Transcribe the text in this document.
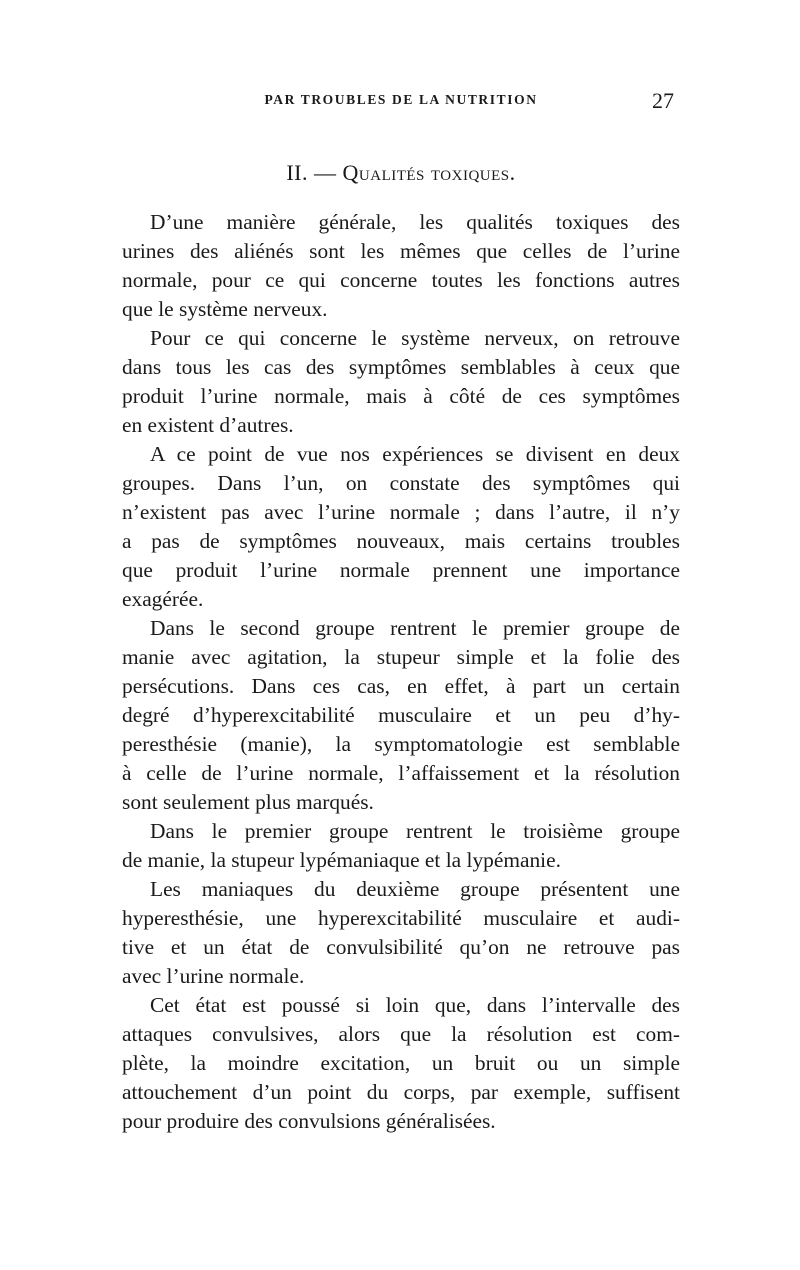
PAR TROUBLES DE LA NUTRITION	27
II. — Qualités toxiques.
D’une manière générale, les qualités toxiques des
urines des aliénés sont les mêmes que celles de l’urine
normale, pour ce qui concerne toutes les fonctions autres
que le système nerveux.
Pour ce qui concerne le système nerveux, on retrouve
dans tous les cas des symptômes semblables à ceux que
produit l’urine normale, mais à côté de ces symptômes
en existent d’autres.
A ce point de vue nos expériences se divisent en deux
groupes. Dans l’un, on constate des symptômes qui
n’existent pas avec l’urine normale ; dans l’autre, il n’y
a pas de symptômes nouveaux, mais certains troubles
que produit l’urine normale prennent une importance
exagérée.
Dans le second groupe rentrent le premier groupe de
manie avec agitation, la stupeur simple et la folie des
persécutions. Dans ces cas, en effet, à part un certain
degré d’hyperexcitabilité musculaire et un peu d’hy-
peresthésie (manie), la symptomatologie est semblable
à celle de l’urine normale, l’affaissement et la résolution
sont seulement plus marqués.
Dans le premier groupe rentrent le troisième groupe
de manie, la stupeur lypémaniaque et la lypémanie.
Les maniaques du deuxième groupe présentent une
hyperesthésie, une hyperexcitabilité musculaire et audi-
tive et un état de convulsibilité qu’on ne retrouve pas
avec l’urine normale.
Cet état est poussé si loin que, dans l’intervalle des
attaques convulsives, alors que la résolution est com-
plète, la moindre excitation, un bruit ou un simple
attouchement d’un point du corps, par exemple, suffisent
pour produire des convulsions généralisées.
